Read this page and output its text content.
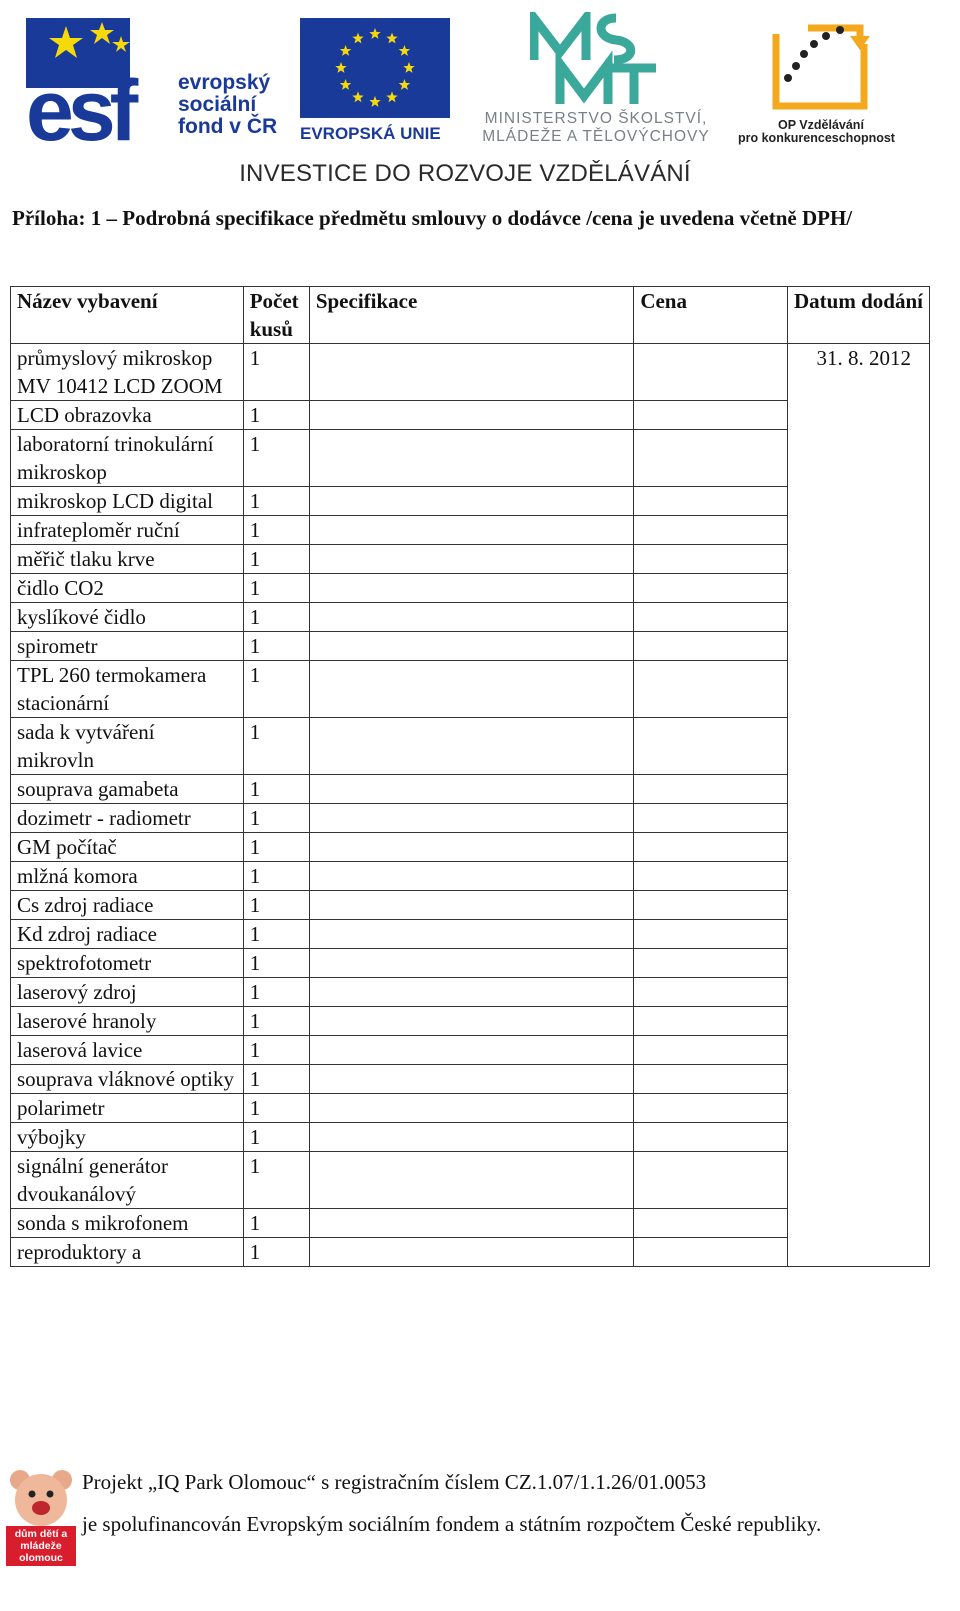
esf	evropský
sociální
fond v ČR EVROPSKÁ UNIE
MINISTERSTVO ŠKOLSTVÍ,
MLÁDEŽE A TĚLOVÝCHOVY
OP Vzdělávání
pro konkurenceschopnost
INVESTICE DO ROZVOJE VZDĚLÁVÁNÍ
Příloha: 1 – Podrobná specifikace předmětu smlouvy o dodávce /cena je uvedena včetně DPH/
Název vybavení	Počet kusů	Specifikace	Cena	Datum dodání
průmyslový mikroskop MV 10412 LCD ZOOM	1			31. 8. 2012
LCD obrazovka	1			
laboratorní trinokulární mikroskop	1			
mikroskop LCD digital	1			
infrateploměr ruční	1			
měřič tlaku krve	1			
čidlo CO2	1			
kyslíkové čidlo	1			
spirometr	1			
TPL 260 termokamera stacionární	1			
sada k vytváření mikrovln	1			
souprava gamabeta	1			
dozimetr - radiometr	1			
GM počítač	1			
mlžná komora	1			
Cs zdroj radiace	1			
Kd zdroj radiace	1			
spektrofotometr	1			
laserový zdroj	1			
laserové hranoly	1			
laserová lavice	1			
souprava vláknové optiky	1			
polarimetr	1			
výbojky	1			
signální generátor dvoukanálový	1			
sonda s mikrofonem	1			
reproduktory a	1			
dům dětí a mládeže olomouc
Projekt „IQ Park Olomouc“ s registračním číslem CZ.1.07/1.1.26/01.0053
je spolufinancován Evropským sociálním fondem a státním rozpočtem České republiky.
